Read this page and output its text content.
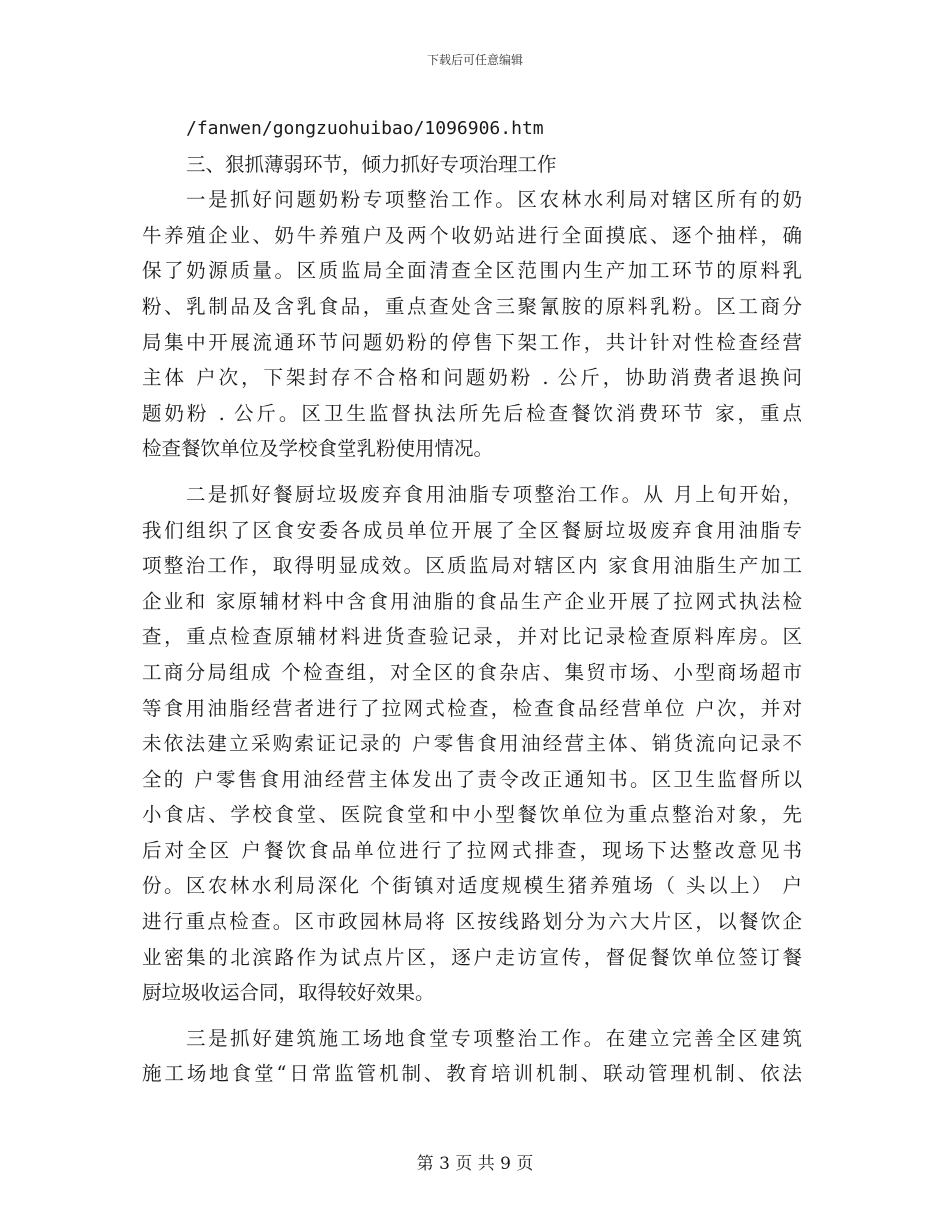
下载后可任意编辑
/fanwen/gongzuohuibao/1096906.htm
三、狠抓薄弱环节，倾力抓好专项治理工作
一是抓好问题奶粉专项整治工作。区农林水利局对辖区所有的奶
牛养殖企业、奶牛养殖户及两个收奶站进行全面摸底、逐个抽样，确
保了奶源质量。区质监局全面清查全区范围内生产加工环节的原料乳
粉、乳制品及含乳食品，重点查处含三聚氰胺的原料乳粉。区工商分
局集中开展流通环节问题奶粉的停售下架工作，共计针对性检查经营
主体 户次，下架封存不合格和问题奶粉 . 公斤，协助消费者退换问
题奶粉 . 公斤。区卫生监督执法所先后检查餐饮消费环节 家，重点
检查餐饮单位及学校食堂乳粉使用情况。
二是抓好餐厨垃圾废弃食用油脂专项整治工作。从 月上旬开始，
我们组织了区食安委各成员单位开展了全区餐厨垃圾废弃食用油脂专
项整治工作，取得明显成效。区质监局对辖区内 家食用油脂生产加工
企业和 家原辅材料中含食用油脂的食品生产企业开展了拉网式执法检
查，重点检查原辅材料进货查验记录，并对比记录检查原料库房。区
工商分局组成 个检查组，对全区的食杂店、集贸市场、小型商场超市
等食用油脂经营者进行了拉网式检查，检查食品经营单位 户次，并对
未依法建立采购索证记录的 户零售食用油经营主体、销货流向记录不
全的 户零售食用油经营主体发出了责令改正通知书。区卫生监督所以
小食店、学校食堂、医院食堂和中小型餐饮单位为重点整治对象，先
后对全区 户餐饮食品单位进行了拉网式排查，现场下达整改意见书
份。区农林水利局深化 个街镇对适度规模生猪养殖场（ 头以上） 户
进行重点检查。区市政园林局将 区按线路划分为六大片区，以餐饮企
业密集的北滨路作为试点片区，逐户走访宣传，督促餐饮单位签订餐
厨垃圾收运合同，取得较好效果。
三是抓好建筑施工场地食堂专项整治工作。在建立完善全区建筑
施工场地食堂“日常监管机制、教育培训机制、联动管理机制、依法
第 3 页 共 9 页
